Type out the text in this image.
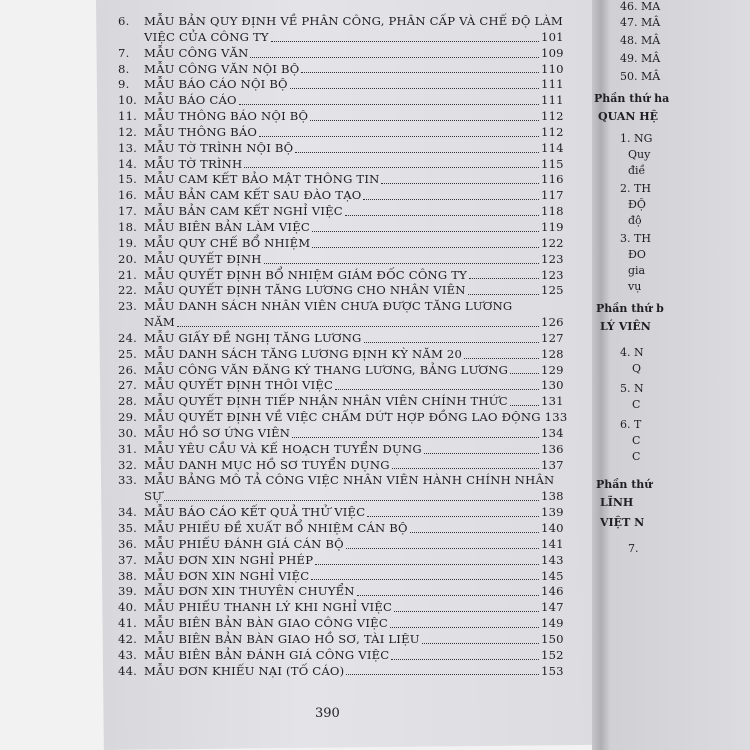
6.	MẪU BẢN QUY ĐỊNH VỀ PHÂN CÔNG, PHÂN CẤP VÀ CHẾ ĐỘ LÀM
VIỆC CỦA CÔNG TY	101
7.	MẪU CÔNG VĂN	109
8.	MẪU CÔNG VĂN NỘI BỘ	110
9.	MẪU BÁO CÁO NỘI BỘ	111
10. MẪU BÁO CÁO	111
11. MẪU THÔNG BÁO NỘI BỘ	112
12. MẪU THÔNG BÁO	112
13. MẪU TỜ TRÌNH NỘI BỘ	114
14. MẪU TỜ TRÌNH	115
15. MẪU CAM KẾT BẢO MẬT THÔNG TIN	116
16. MẪU BẢN CAM KẾT SAU ĐÀO TẠO	117
17. MẪU BẢN CAM KẾT NGHỈ VIỆC	118
18. MẪU BIÊN BẢN LÀM VIỆC	119
19. MẪU QUY CHẾ BỔ NHIỆM	122
20. MẪU QUYẾT ĐỊNH	123
21. MẪU QUYẾT ĐỊNH BỔ NHIỆM GIÁM ĐỐC CÔNG TY	123
22. MẪU QUYẾT ĐỊNH TĂNG LƯƠNG CHO NHÂN VIÊN	125
23. MẪU DANH SÁCH NHÂN VIÊN CHƯA ĐƯỢC TĂNG LƯƠNG
NĂM	126
24. MẪU GIẤY ĐỀ NGHỊ TĂNG LƯƠNG	127
25. MẪU DANH SÁCH TĂNG LƯƠNG ĐỊNH KỲ NĂM 20	128
26. MẪU CÔNG VĂN ĐĂNG KÝ THANG LƯƠNG, BẢNG LƯƠNG	129
27. MẪU QUYẾT ĐỊNH THÔI VIỆC	130
28. MẪU QUYẾT ĐỊNH TIẾP NHẬN NHÂN VIÊN CHÍNH THỨC	131
29. MẪU QUYẾT ĐỊNH VỀ VIỆC CHẤM DỨT HỢP ĐỒNG LAO ĐỘNG 133
30. MẪU HỒ SƠ ỨNG VIÊN	134
31. MẪU YÊU CẦU VÀ KẾ HOẠCH TUYỂN DỤNG	136
32. MẪU DANH MỤC HỒ SƠ TUYỂN DỤNG	137
33. MẪU BẢNG MÔ TẢ CÔNG VIỆC NHÂN VIÊN HÀNH CHÍNH NHÂN
SỰ	138
34. MẪU BÁO CÁO KẾT QUẢ THỬ VIỆC	139
35. MẪU PHIẾU ĐỀ XUẤT BỔ NHIỆM CÁN BỘ	140
36. MẪU PHIẾU ĐÁNH GIÁ CÁN BỘ	141
37. MẪU ĐƠN XIN NGHỈ PHÉP	143
38. MẪU ĐƠN XIN NGHỈ VIỆC	145
39. MẪU ĐƠN XIN THUYÊN CHUYỂN	146
40. MẪU PHIẾU THANH LÝ KHI NGHỈ VIỆC	147
41. MẪU BIÊN BẢN BÀN GIAO CÔNG VIỆC	149
42. MẪU BIÊN BẢN BÀN GIAO HỒ SƠ, TÀI LIỆU	150
43. MẪU BIÊN BẢN ĐÁNH GIÁ CÔNG VIỆC	152
44. MẪU ĐƠN KHIẾU NẠI (TỐ CÁO)	153
390
46. MA
47. MÂ
48. MÂ
49. MÂ
50. MÂ
Phần thứ ha
QUAN HỆ
1. NG
Quy
điề
2. TH
ĐỘ
độ
3. TH
ĐO
gia
vụ
Phần thứ b
LÝ VIÊN
4. N
Q
5. N
C
6. T
C
C
Phần thứ
LĨNH
VIỆT N
7.
